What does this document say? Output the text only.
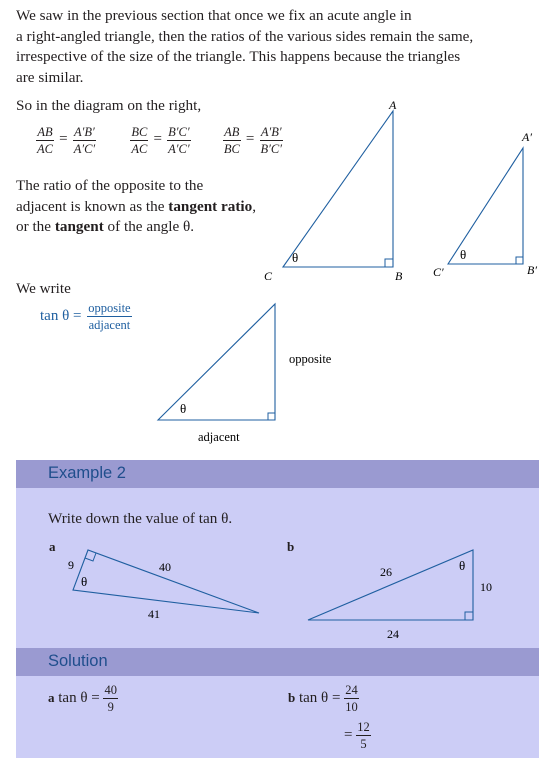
We saw in the previous section that once we fix an acute angle in
a right-angled triangle, then the ratios of the various sides remain the same,
irrespective of the size of the triangle. This happens because the triangles
are similar.
So in the diagram on the right,
$\frac{AB}{AC} = \frac{A'B'}{A'C'}$
	$\frac{BC}{AC} = \frac{B'C'}{A'C'}$
	$\frac{AB}{BC} = \frac{A'B'}{B'C'}$
The ratio of the opposite to the
adjacent is known as the tangent ratio,
or the tangent of the angle θ.
A
B
C
θ
A′
B′
C′
θ
We write
$\tan \theta = \frac{\text{opposite}}{\text{adjacent}}$
θ
opposite
adjacent
Example 2
Write down the value of tan θ.
a	b
9	40
41
θ
26
10
24
θ
Solution
a $\tan \theta = \frac{40}{9}$	b $\tan \theta = \frac{24}{10}$
= $\frac{12}{5}$
